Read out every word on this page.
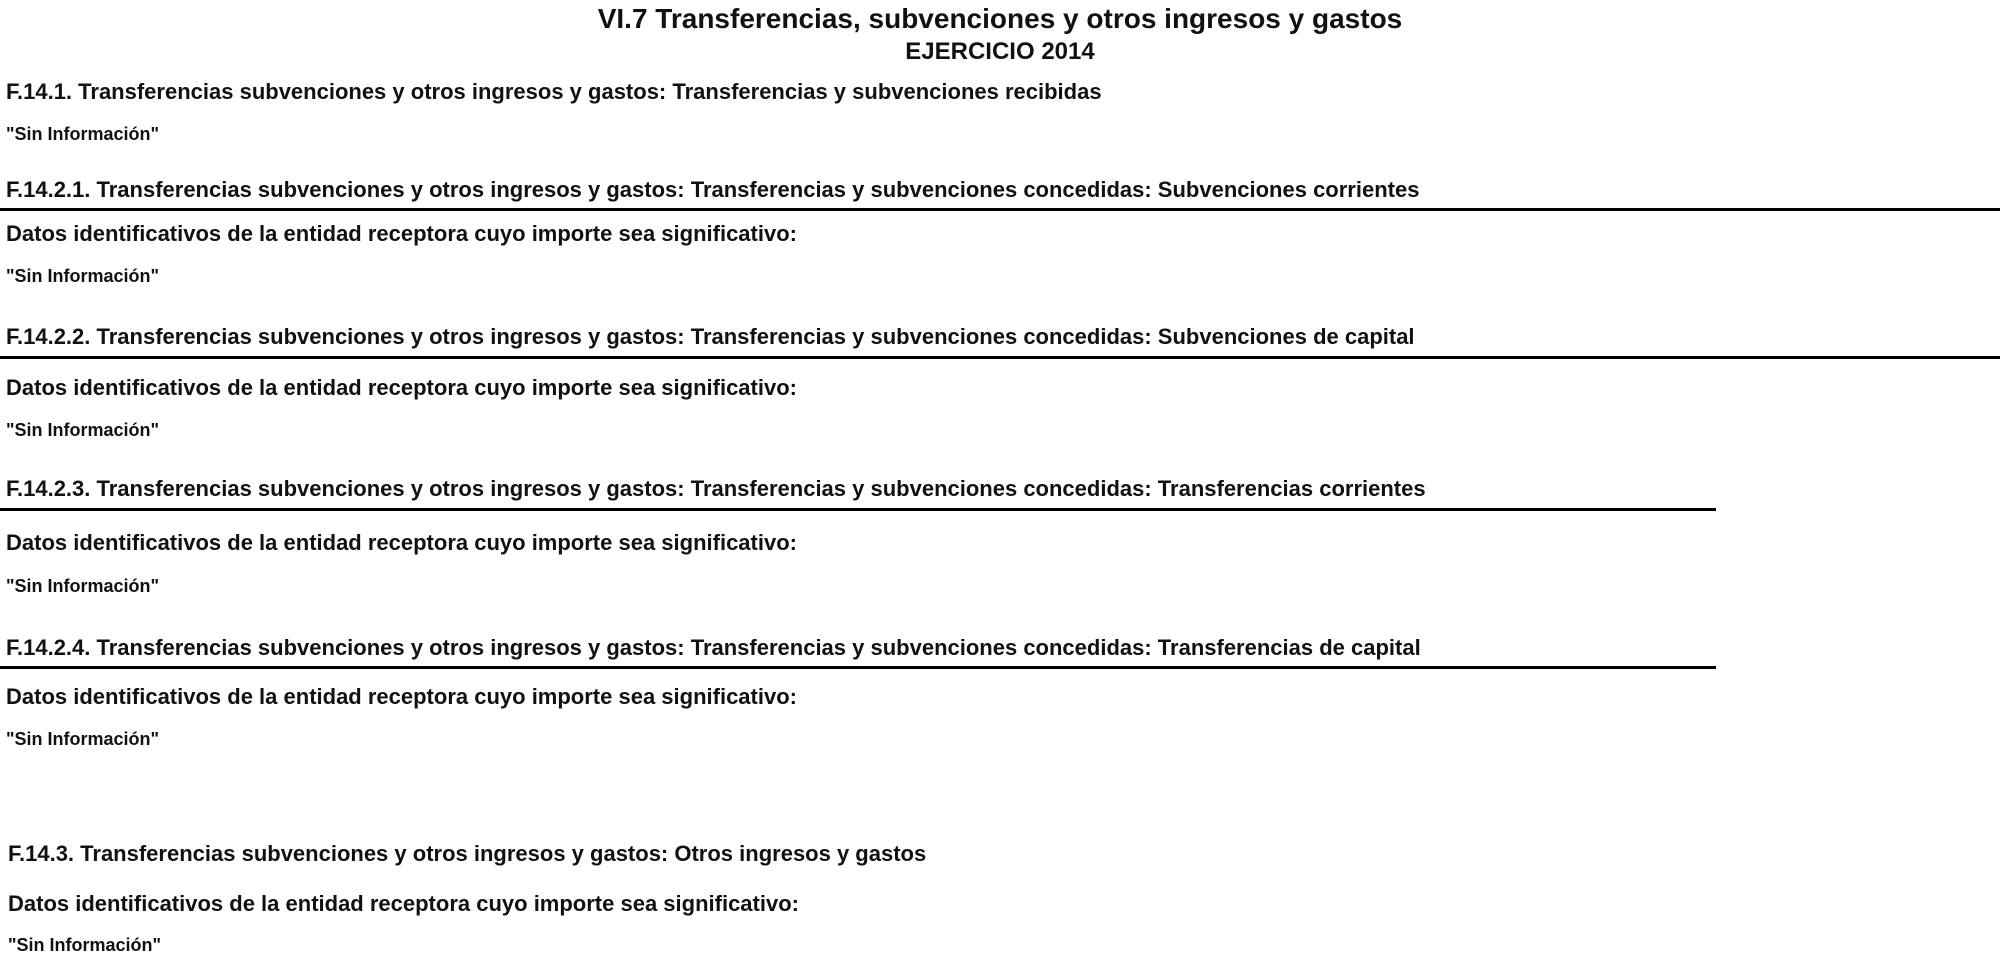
VI.7 Transferencias, subvenciones y otros ingresos y gastos
EJERCICIO 2014
F.14.1. Transferencias subvenciones y otros ingresos y gastos: Transferencias y subvenciones recibidas
"Sin Información"
F.14.2.1. Transferencias subvenciones y otros ingresos y gastos: Transferencias y subvenciones concedidas: Subvenciones corrientes
Datos identificativos de la entidad receptora cuyo importe sea significativo:
"Sin Información"
F.14.2.2. Transferencias subvenciones y otros ingresos y gastos: Transferencias y subvenciones concedidas: Subvenciones de capital
Datos identificativos de la entidad receptora cuyo importe sea significativo:
"Sin Información"
F.14.2.3. Transferencias subvenciones y otros ingresos y gastos: Transferencias y subvenciones concedidas: Transferencias corrientes
Datos identificativos de la entidad receptora cuyo importe sea significativo:
"Sin Información"
F.14.2.4. Transferencias subvenciones y otros ingresos y gastos: Transferencias y subvenciones concedidas: Transferencias de capital
Datos identificativos de la entidad receptora cuyo importe sea significativo:
"Sin Información"
F.14.3. Transferencias subvenciones y otros ingresos y gastos: Otros ingresos y gastos
Datos identificativos de la entidad receptora cuyo importe sea significativo:
"Sin Información"
